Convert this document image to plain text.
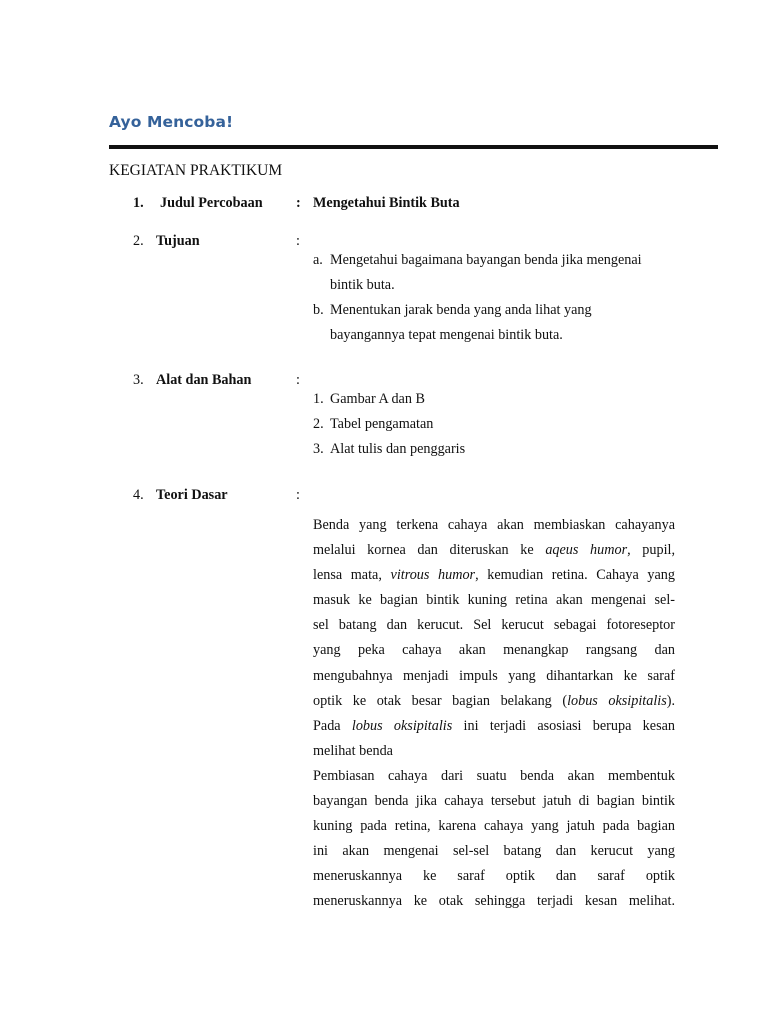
Ayo Mencoba!
KEGIATAN PRAKTIKUM
1. Judul Percobaan : Mengetahui Bintik Buta
2. Tujuan	:
a. Mengetahui bagaimana bayangan benda jika mengenai
bintik buta.
b. Menentukan jarak benda yang anda lihat yang
bayangannya tepat mengenai bintik buta.
3. Alat dan Bahan	:
1. Gambar A dan B
2. Tabel pengamatan
3. Alat tulis dan penggaris
4. Teori Dasar	:
Benda yang terkena cahaya akan membiaskan cahayanya
melalui kornea dan diteruskan ke aqeus humor, pupil,
lensa mata, vitrous humor, kemudian retina. Cahaya yang
masuk ke bagian bintik kuning retina akan mengenai sel-
sel batang dan kerucut. Sel kerucut sebagai fotoreseptor
yang peka cahaya akan menangkap rangsang dan
mengubahnya menjadi impuls yang dihantarkan ke saraf
optik ke otak besar bagian belakang (lobus oksipitalis).
Pada lobus oksipitalis ini terjadi asosiasi berupa kesan
melihat benda
Pembiasan cahaya dari suatu benda akan membentuk
bayangan benda jika cahaya tersebut jatuh di bagian bintik
kuning pada retina, karena cahaya yang jatuh pada bagian
ini akan mengenai sel-sel batang dan kerucut yang
meneruskannya ke saraf optik dan saraf optik
meneruskannya ke otak sehingga terjadi kesan melihat.
